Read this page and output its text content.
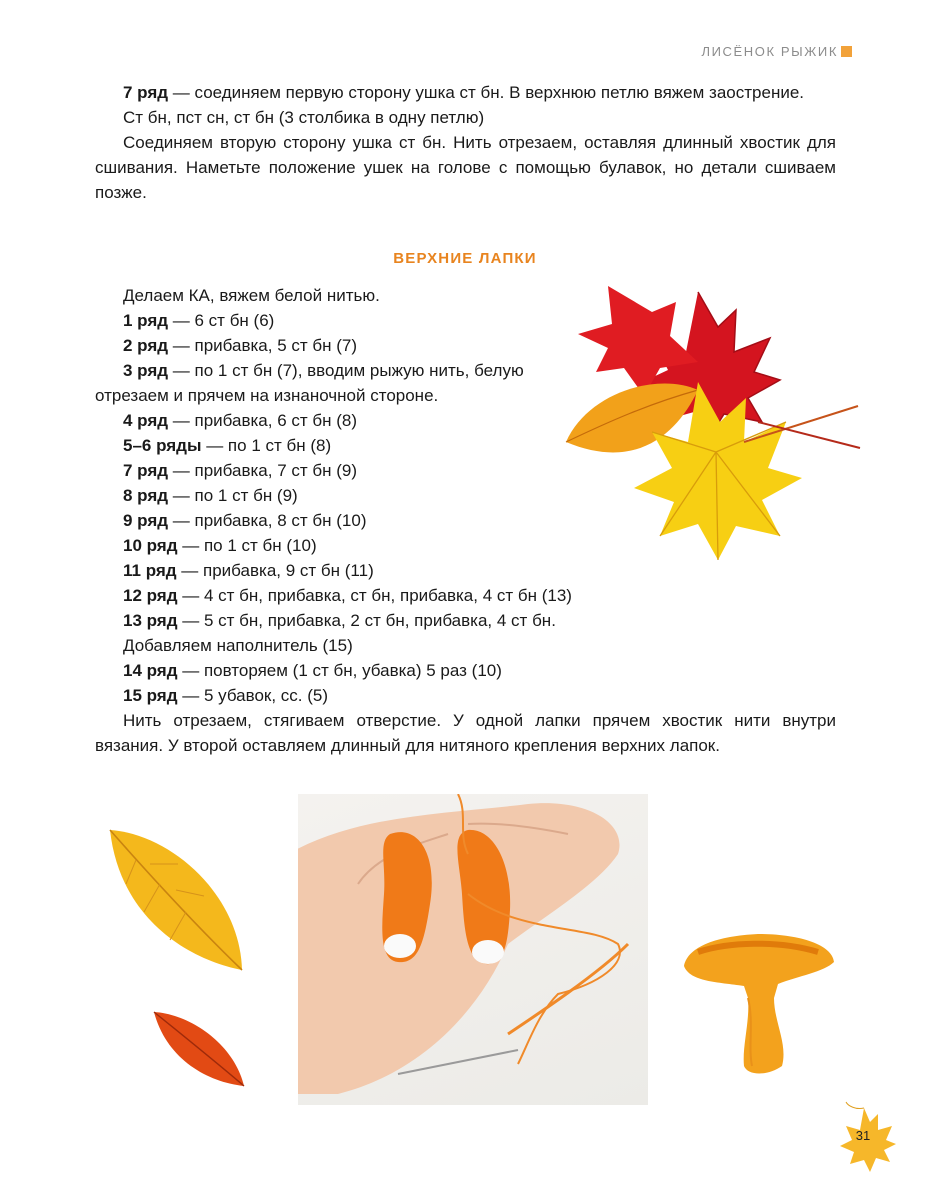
ЛИСЁНОК РЫЖИК

7 ряд — соединяем первую сторону ушка ст бн. В верхнюю петлю вяжем заострение.

Ст бн, пст сн, ст бн (3 столбика в одну петлю)

Соединяем вторую сторону ушка ст бн. Нить отрезаем, оставляя длинный хвостик для сшивания. Наметьте положение ушек на голове с помощью булавок, но детали сшиваем позже.

ВЕРХНИЕ ЛАПКИ

Делаем КА, вяжем белой нитью.

1 ряд — 6 ст бн (6)

2 ряд — прибавка, 5 ст бн (7)

3 ряд — по 1 ст бн (7), вводим рыжую нить, белую отрезаем и прячем на изнаночной стороне.

4 ряд — прибавка, 6 ст бн (8)

5–6 ряды — по 1 ст бн (8)

7 ряд — прибавка, 7 ст бн (9)

8 ряд — по 1 ст бн (9)

9 ряд — прибавка, 8 ст бн (10)

10 ряд — по 1 ст бн (10)

11 ряд — прибавка, 9 ст бн (11)

12 ряд — 4 ст бн, прибавка, ст бн, прибавка, 4 ст бн (13)

13 ряд — 5 ст бн, прибавка, 2 ст бн, прибавка, 4 ст бн.

Добавляем наполнитель (15)

14 ряд — повторяем (1 ст бн, убавка) 5 раз (10)

15 ряд — 5 убавок, сс. (5)

Нить отрезаем, стягиваем отверстие. У одной лапки прячем хвостик нити внутри вязания. У второй оставляем длинный для нитяного крепления верхних лапок.

31
